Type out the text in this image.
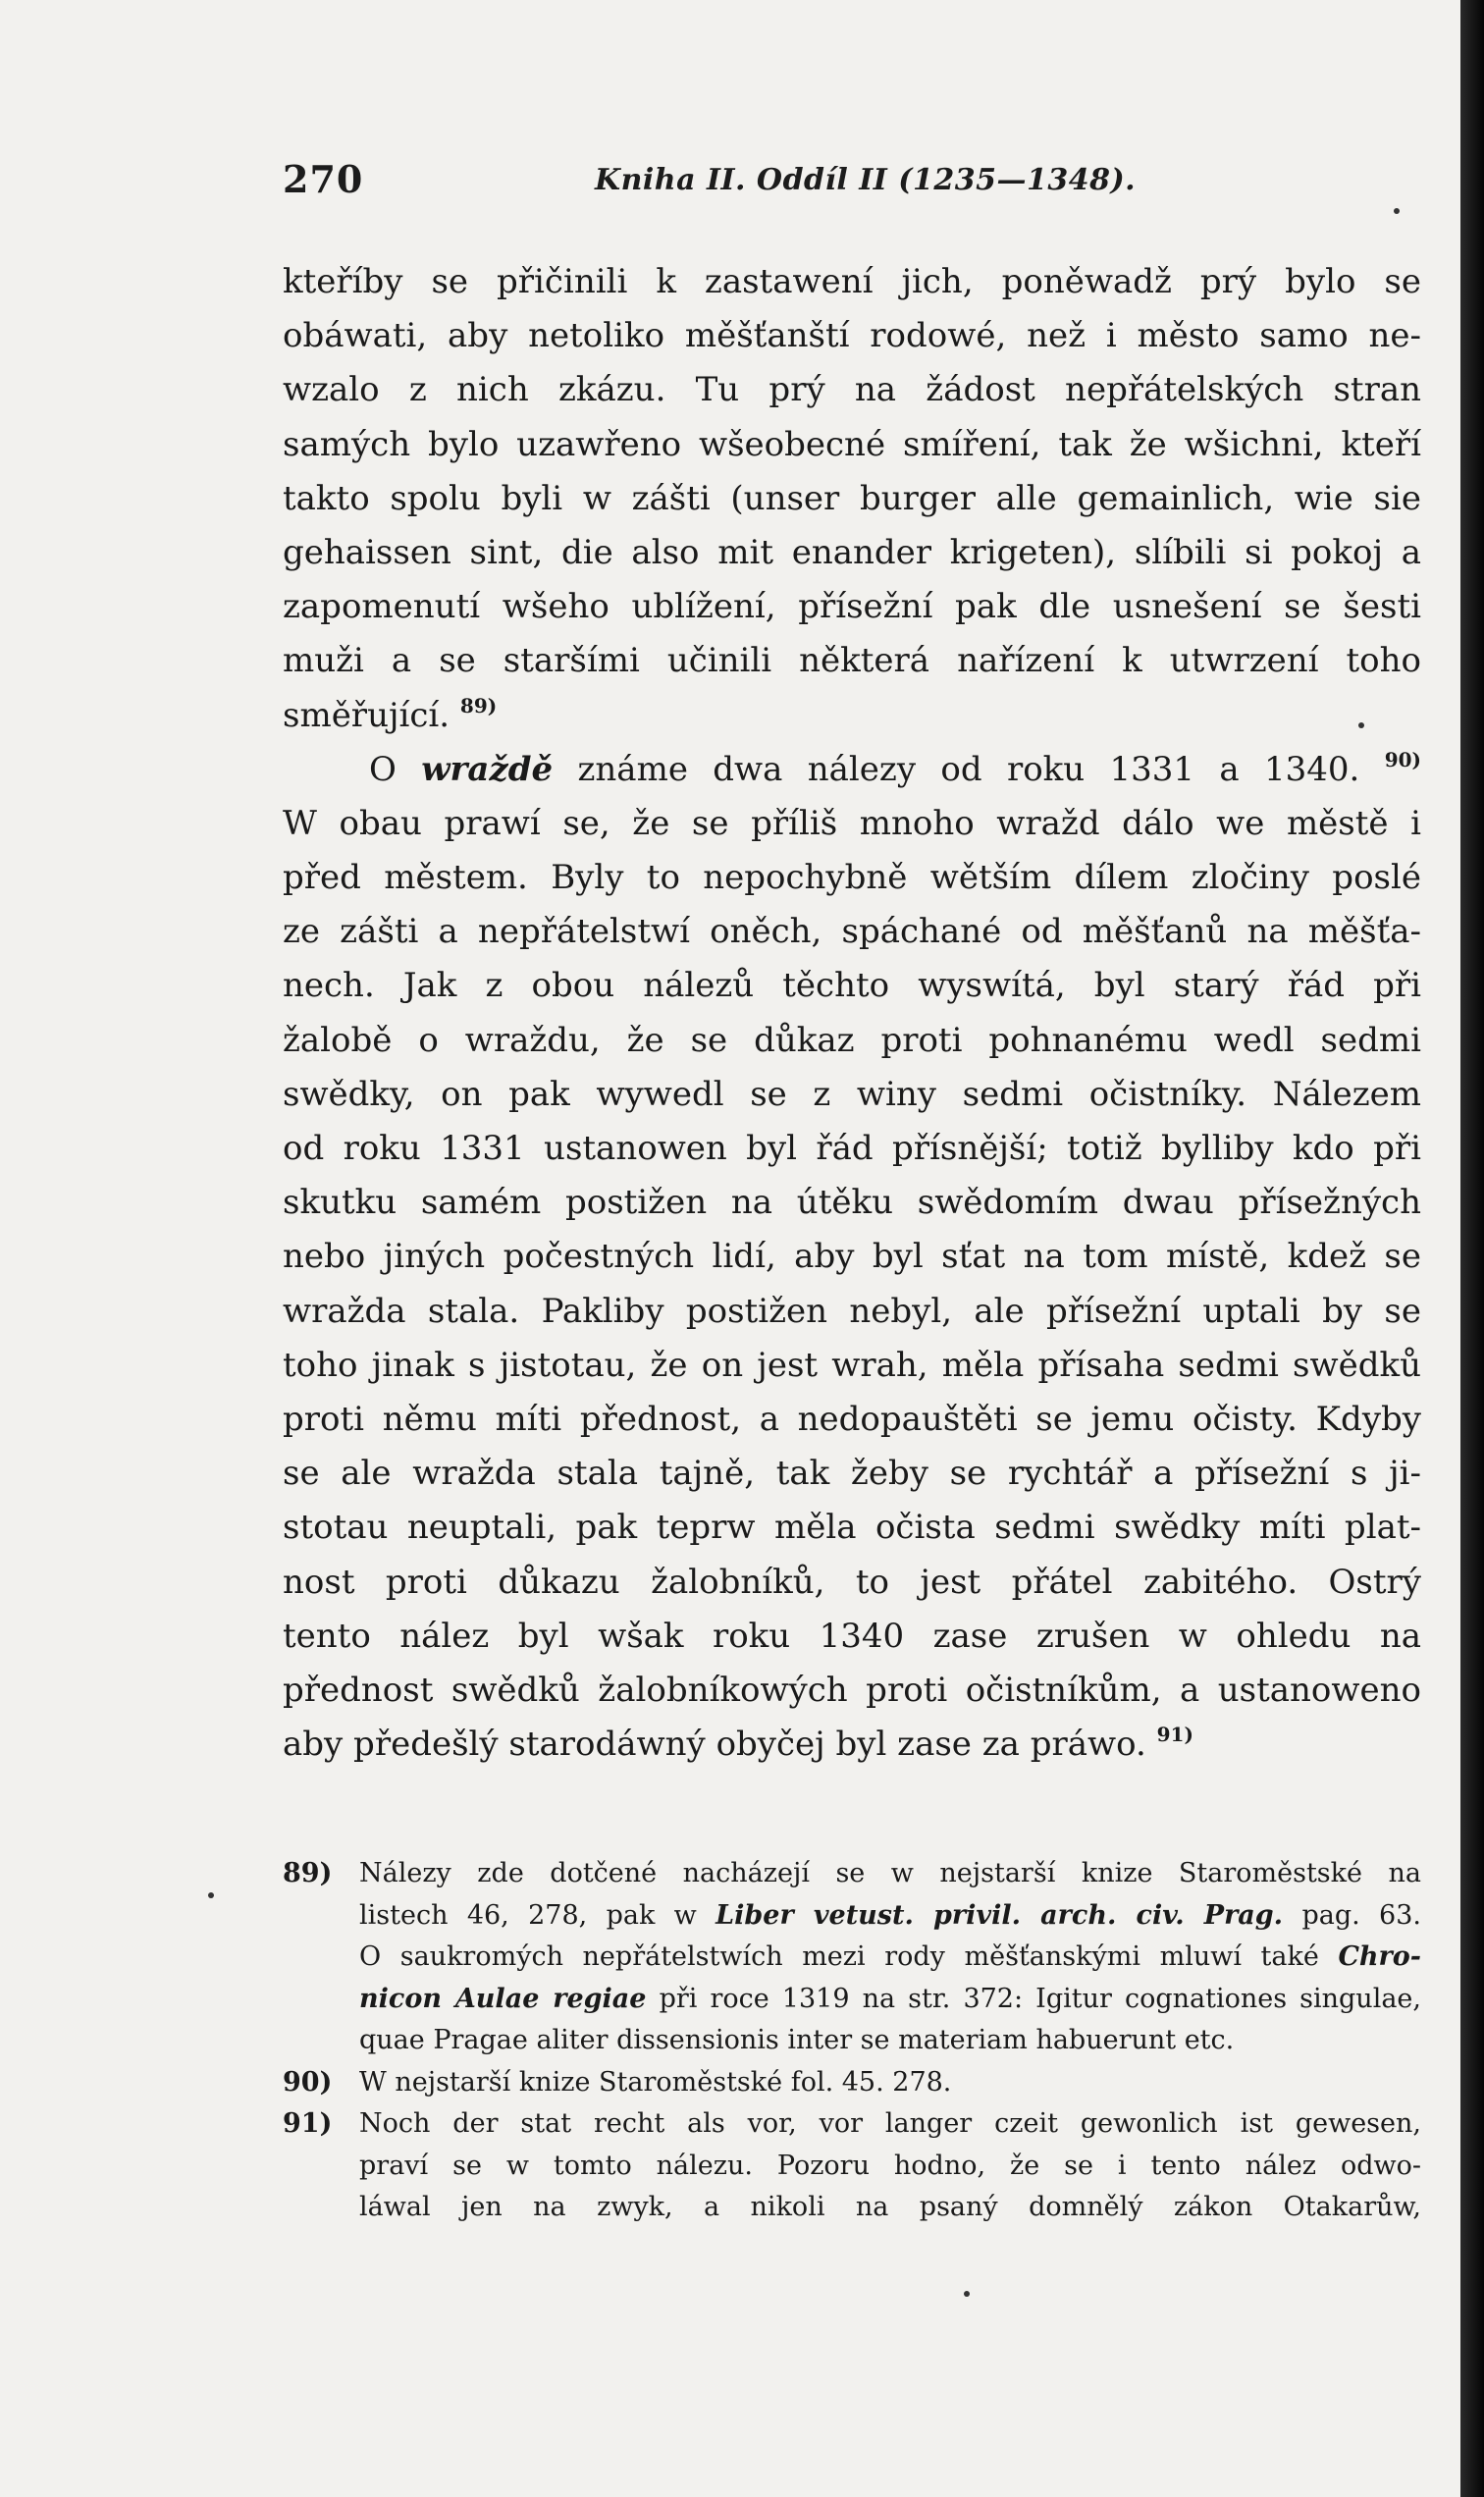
270	Kniha II. Oddíl II (1235—1348).
kteříby se přičinili k zastawení jich, poněwadž prý bylo se
obáwati, aby netoliko měšťanští rodowé, než i město samo ne-
wzalo z nich zkázu. Tu prý na žádost nepřátelských stran
samých bylo uzawřeno wšeobecné smíření, tak že wšichni, kteří
takto spolu byli w zášti (unser burger alle gemainlich, wie sie
gehaissen sint, die also mit enander krigeten), slíbili si pokoj a
zapomenutí wšeho ublížení, přísežní pak dle usnešení se šesti
muži a se staršími učinili některá nařízení k utwrzení toho
směřující. $^{89)}$
O wraždě známe dwa nálezy od roku 1331 a 1340. $^{90)}$
W obau prawí se, že se příliš mnoho wražd dálo we městě i
před městem. Byly to nepochybně wětším dílem zločiny poslé
ze zášti a nepřátelstwí oněch, spáchané od měšťanů na měšťa-
nech. Jak z obou nálezů těchto wyswítá, byl starý řád při
žalobě o wraždu, že se důkaz proti pohnanému wedl sedmi
swědky, on pak wywedl se z winy sedmi očistníky. Nálezem
od roku 1331 ustanowen byl řád přísnější; totiž bylliby kdo při
skutku samém postižen na útěku swědomím dwau přísežných
nebo jiných počestných lidí, aby byl sťat na tom místě, kdež se
wražda stala. Pakliby postižen nebyl, ale přísežní uptali by se
toho jinak s jistotau, že on jest wrah, měla přísaha sedmi swědků
proti němu míti přednost, a nedopauštěti se jemu očisty. Kdyby
se ale wražda stala tajně, tak žeby se rychtář a přísežní s ji-
stotau neuptali, pak teprw měla očista sedmi swědky míti plat-
nost proti důkazu žalobníků, to jest přátel zabitého. Ostrý
tento nález byl wšak roku 1340 zase zrušen w ohledu na
přednost swědků žalobníkowých proti očistníkům, a ustanoweno
aby předešlý starodáwný obyčej byl zase za práwo. $^{91)}$
89) Nálezy zde dotčené nacházejí se w nejstarší knize Staroměstské na
listech 46, 278, pak w Liber vetust. privil. arch. civ. Prag. pag. 63.
O saukromých nepřátelstwích mezi rody měšťanskými mluwí také Chro-
nicon Aulae regiae při roce 1319 na str. 372: Igitur cognationes singulae,
quae Pragae aliter dissensionis inter se materiam habuerunt etc.
90) W nejstarší knize Staroměstské fol. 45. 278.
91) Noch der stat recht als vor, vor langer czeit gewonlich ist gewesen,
praví se w tomto nálezu. Pozoru hodno, že se i tento nález odwo-
láwal jen na zwyk, a nikoli na psaný domnělý zákon Otakarůw,
